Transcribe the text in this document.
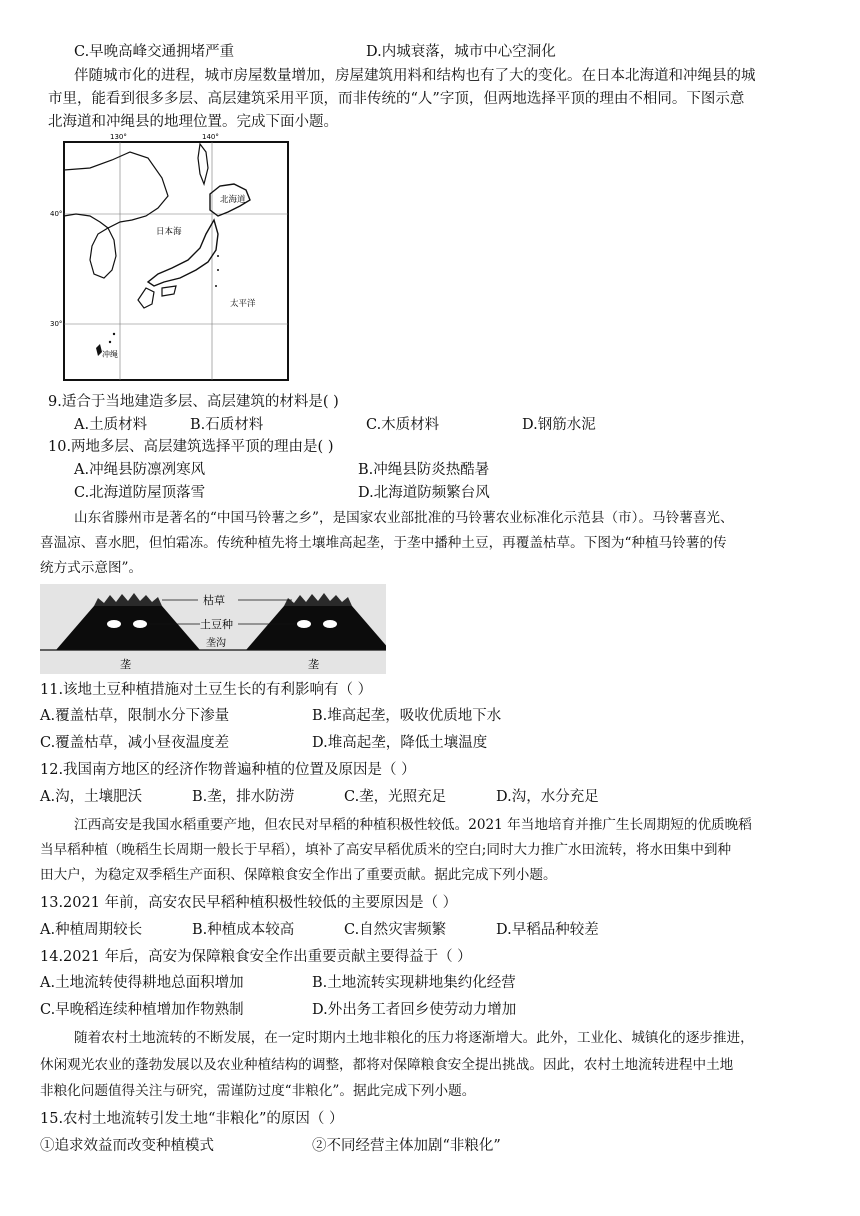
C.早晚高峰交通拥堵严重	D.内城衰落，城市中心空洞化
伴随城市化的进程，城市房屋数量增加，房屋建筑用料和结构也有了大的变化。在日本北海道和冲绳县的城
市里，能看到很多多层、高层建筑采用平顶，而非传统的“人”字顶，但两地选择平顶的理由不相同。下图示意
北海道和冲绳县的地理位置。完成下面小题。
130°	140°
40°
30°
北海道
日本海
太平洋
冲绳
9.适合于当地建造多层、高层建筑的材料是( )
A.土质材料	B.石质材料	C.木质材料	D.钢筋水泥
10.两地多层、高层建筑选择平顶的理由是( )
A.冲绳县防凛冽寒风	B.冲绳县防炎热酷暑
C.北海道防屋顶落雪	D.北海道防频繁台风
山东省滕州市是著名的“中国马铃薯之乡”，是国家农业部批准的马铃薯农业标准化示范县（市）。马铃薯喜光、
喜温凉、喜水肥，但怕霜冻。传统种植先将土壤堆高起垄，于垄中播种土豆，再覆盖枯草。下图为“种植马铃薯的传
统方式示意图”。
枯草
土豆种
垄沟
垄	垄
11.该地土豆种植措施对土豆生长的有利影响有（ ）
A.覆盖枯草，限制水分下渗量	B.堆高起垄，吸收优质地下水
C.覆盖枯草，减小昼夜温度差	D.堆高起垄，降低土壤温度
12.我国南方地区的经济作物普遍种植的位置及原因是（ ）
A.沟，土壤肥沃	B.垄，排水防涝	C.垄，光照充足	D.沟，水分充足
江西高安是我国水稻重要产地，但农民对早稻的种植积极性较低。2021 年当地培育并推广生长周期短的优质晚稻
当早稻种植（晚稻生长周期一般长于早稻），填补了高安早稻优质米的空白;同时大力推广水田流转，将水田集中到种
田大户，为稳定双季稻生产面积、保障粮食安全作出了重要贡献。据此完成下列小题。
13.2021 年前，高安农民早稻种植积极性较低的主要原因是（ ）
A.种植周期较长	B.种植成本较高	C.自然灾害频繁	D.早稻品种较差
14.2021 年后，高安为保障粮食安全作出重要贡献主要得益于（ ）
A.土地流转使得耕地总面积增加	B.土地流转实现耕地集约化经营
C.早晚稻连续种植增加作物熟制	D.外出务工者回乡使劳动力增加
随着农村土地流转的不断发展，在一定时期内土地非粮化的压力将逐渐增大。此外，工业化、城镇化的逐步推进，
休闲观光农业的蓬勃发展以及农业种植结构的调整，都将对保障粮食安全提出挑战。因此，农村土地流转进程中土地
非粮化问题值得关注与研究，需谨防过度“非粮化”。据此完成下列小题。
15.农村土地流转引发土地“非粮化”的原因（ ）
①追求效益而改变种植模式	②不同经营主体加剧“非粮化”
